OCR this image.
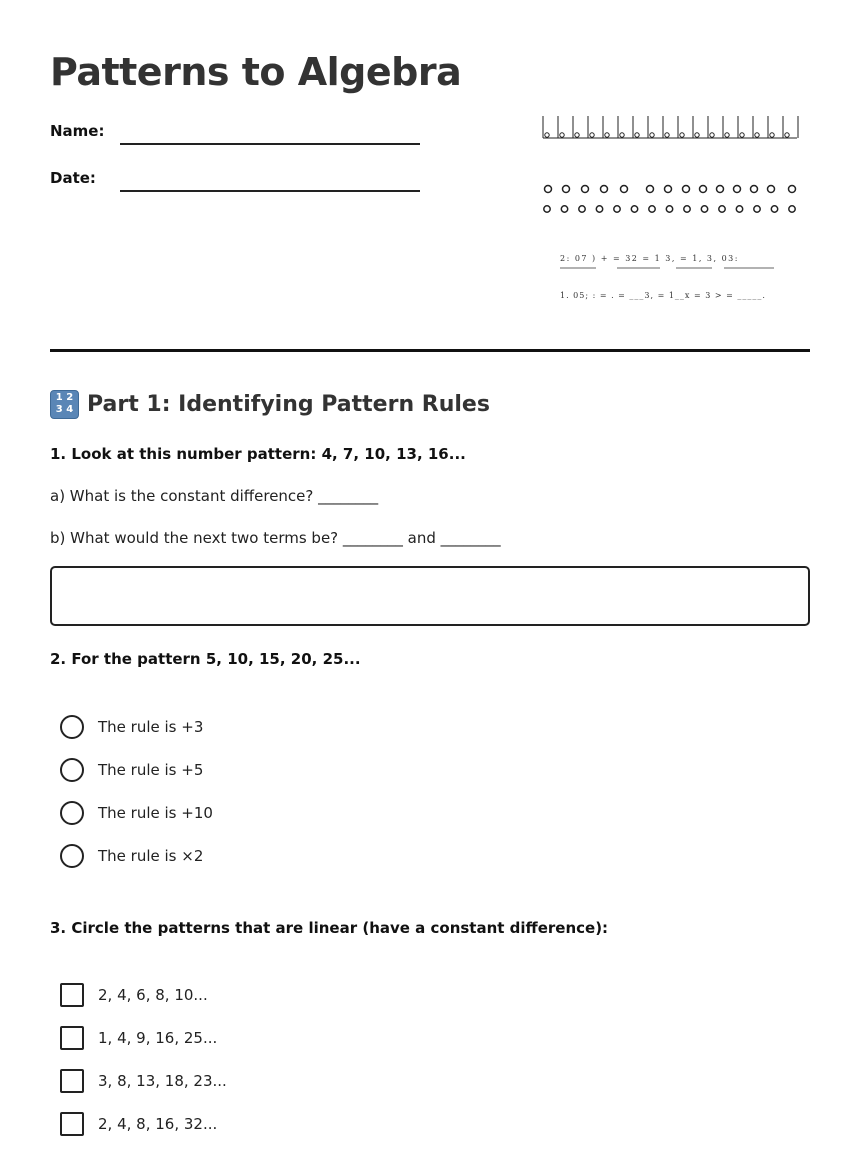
Patterns to Algebra
Name:
Date:
2: 07 ) + = 32 = 1 3, = 1, 3, 03:
1. 05; : = . = ___3, = 1__x = 3 > = _____.
1 2
3 4 Part 1: Identifying Pattern Rules
1. Look at this number pattern: 4, 7, 10, 13, 16...
a) What is the constant difference? ________
b) What would the next two terms be? ________ and ________
2. For the pattern 5, 10, 15, 20, 25...
The rule is +3
The rule is +5
The rule is +10
The rule is ×2
3. Circle the patterns that are linear (have a constant difference):
2, 4, 6, 8, 10...
1, 4, 9, 16, 25...
3, 8, 13, 18, 23...
2, 4, 8, 16, 32...
